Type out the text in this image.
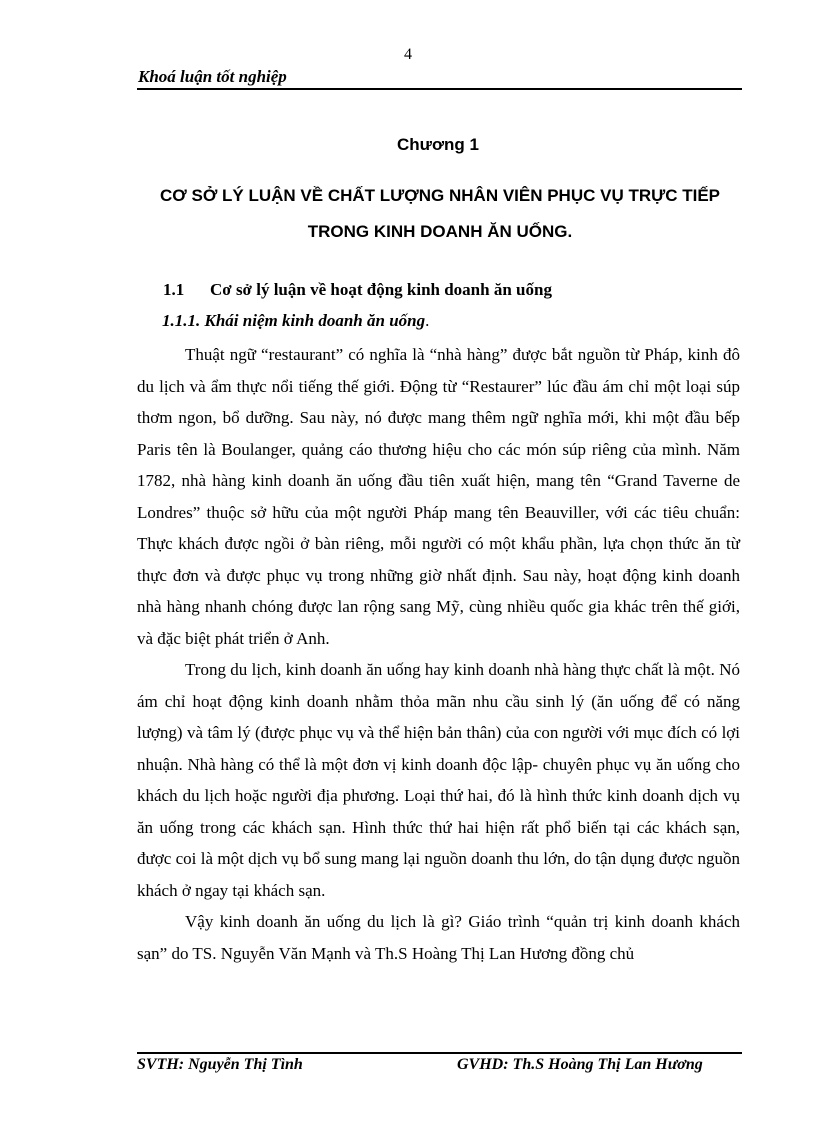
4
Khoá luận tốt nghiệp
Chương 1
CƠ SỞ LÝ LUẬN VỀ CHẤT LƯỢNG NHÂN VIÊN PHỤC VỤ TRỰC TIẾP TRONG KINH DOANH ĂN UỐNG.
1.1 Cơ sở lý luận về hoạt động kinh doanh ăn uống
1.1.1. Khái niệm kinh doanh ăn uống.

Thuật ngữ “restaurant” có nghĩa là “nhà hàng” được bắt nguồn từ Pháp, kinh đô du lịch và ẩm thực nổi tiếng thế giới. Động từ “Restaurer” lúc đầu ám chỉ một loại súp thơm ngon, bổ dưỡng. Sau này, nó được mang thêm ngữ nghĩa mới, khi một đầu bếp Paris tên là Boulanger, quảng cáo thương hiệu cho các món súp riêng của mình. Năm 1782, nhà hàng kinh doanh ăn uống đầu tiên xuất hiện, mang tên “Grand Taverne de Londres” thuộc sở hữu của một người Pháp mang tên Beauviller, với các tiêu chuẩn: Thực khách được ngồi ở bàn riêng, mỗi người có một khẩu phần, lựa chọn thức ăn từ thực đơn và được phục vụ trong những giờ nhất định. Sau này, hoạt động kinh doanh nhà hàng nhanh chóng được lan rộng sang Mỹ, cùng nhiều quốc gia khác trên thế giới, và đặc biệt phát triển ở Anh.

Trong du lịch, kinh doanh ăn uống hay kinh doanh nhà hàng thực chất là một. Nó ám chỉ hoạt động kinh doanh nhằm thỏa mãn nhu cầu sinh lý (ăn uống để có năng lượng) và tâm lý (được phục vụ và thể hiện bản thân) của con người với mục đích có lợi nhuận. Nhà hàng có thể là một đơn vị kinh doanh độc lập- chuyên phục vụ ăn uống cho khách du lịch hoặc người địa phương. Loại thứ hai, đó là hình thức kinh doanh dịch vụ ăn uống trong các khách sạn. Hình thức thứ hai hiện rất phổ biến tại các khách sạn, được coi là một dịch vụ bổ sung mang lại nguồn doanh thu lớn, do tận dụng được nguồn khách ở ngay tại khách sạn.

Vậy kinh doanh ăn uống du lịch là gì? Giáo trình “quản trị kinh doanh khách sạn” do TS. Nguyễn Văn Mạnh và Th.S Hoàng Thị Lan Hương đồng chủ

SVTH: Nguyễn Thị Tình	GVHD: Th.S Hoàng Thị Lan Hương
